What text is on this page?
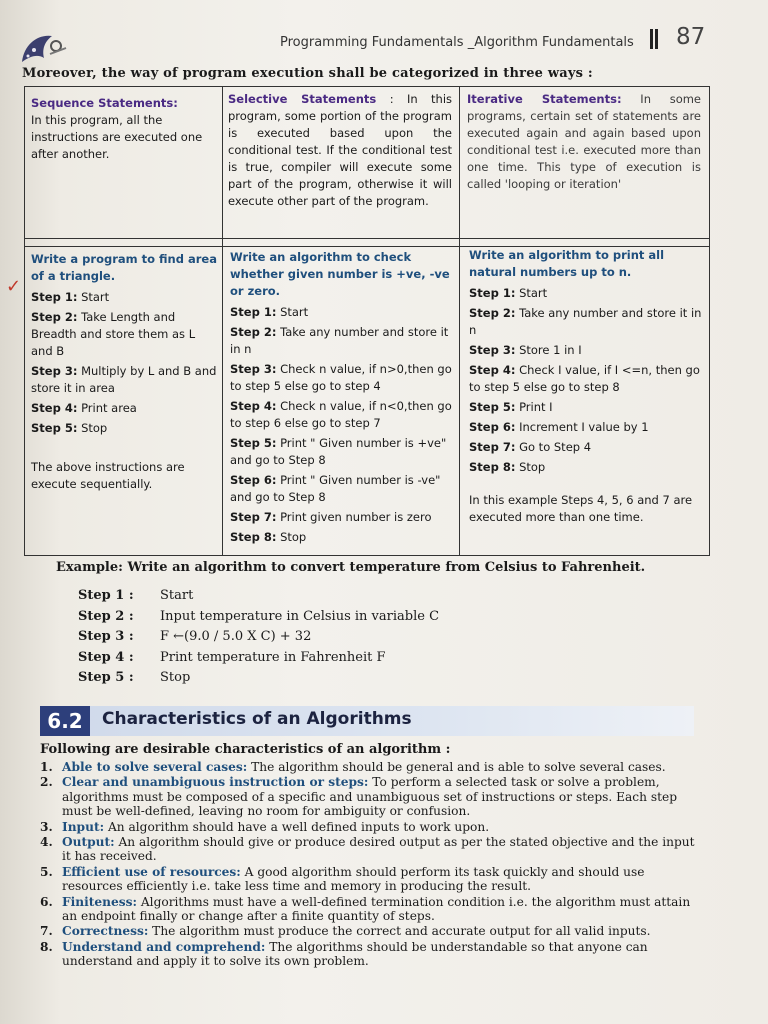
Programming Fundamentals _Algorithm Fundamentals 87
Moreover, the way of program execution shall be categorized in three ways :
✓

Sequence Statements:

In this program, all the instructions are executed one after another.

Selective Statements : In this program, some portion of the program is executed based upon the conditional test. If the conditional test is true, compiler will execute some part of the program, otherwise it will execute other part of the program.

Iterative Statements: In some programs, certain set of statements are executed again and again based upon conditional test i.e. executed more than one time. This type of execution is called 'looping or iteration'

Write a program to find area of a triangle.

Step 1: Start

Step 2: Take Length and Breadth and store them as L and B

Step 3: Multiply by L and B and store it in area

Step 4: Print area

Step 5: Stop

The above instructions are execute sequentially.

Write an algorithm to check whether given number is +ve, -ve or zero.

Step 1: Start

Step 2: Take any number and store it in n

Step 3: Check n value, if n>0,then go to step 5 else go to step 4

Step 4: Check n value, if n<0,then go to step 6 else go to step 7

Step 5: Print " Given number is +ve" and go to Step 8

Step 6: Print " Given number is -ve" and go to Step 8

Step 7: Print given number is zero

Step 8: Stop

Write an algorithm to print all natural numbers up to n.

Step 1: Start

Step 2: Take any number and store it in n

Step 3: Store 1 in I

Step 4: Check I value, if I <=n, then go to step 5 else go to step 8

Step 5: Print I

Step 6: Increment I value by 1

Step 7: Go to Step 4

Step 8: Stop

In this example Steps 4, 5, 6 and 7 are executed more than one time.

Example: Write an algorithm to convert temperature from Celsius to Fahrenheit.
Step 1 : Start
Step 2 : Input temperature in Celsius in variable C
Step 3 : F ←(9.0 / 5.0 X C) + 32
Step 4 : Print temperature in Fahrenheit F
Step 5 : Stop
6.2	Characteristics of an Algorithms
Following are desirable characteristics of an algorithm :
1. Able to solve several cases: The algorithm should be general and is able to solve several cases.
2. Clear and unambiguous instruction or steps: To perform a selected task or solve a problem, algorithms must be composed of a specific and unambiguous set of instructions or steps. Each step must be well-defined, leaving no room for ambiguity or confusion.
3. Input: An algorithm should have a well defined inputs to work upon.
4. Output: An algorithm should give or produce desired output as per the stated objective and the input it has received.
5. Efficient use of resources: A good algorithm should perform its task quickly and should use resources efficiently i.e. take less time and memory in producing the result.
6. Finiteness: Algorithms must have a well-defined termination condition i.e. the algorithm must attain an endpoint finally or change after a finite quantity of steps.
7. Correctness: The algorithm must produce the correct and accurate output for all valid inputs.
8. Understand and comprehend: The algorithms should be understandable so that anyone can understand and apply it to solve its own problem.
